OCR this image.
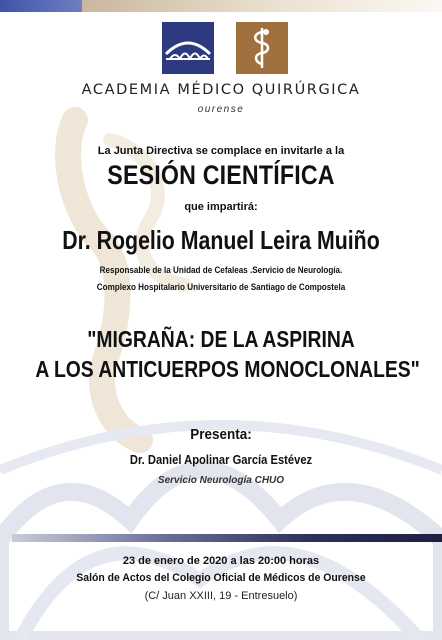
ACADEMIA MÉDICO QUIRÚRGICA
ourense
La Junta Directiva se complace en invitarle a la
SESIÓN CIENTÍFICA
que impartirá:
Dr. Rogelio Manuel Leira Muiño
Responsable de la Unidad de Cefaleas .Servicio de Neurología.
Complexo Hospitalario Universitario de Santiago de Compostela
"MIGRAÑA: DE LA ASPIRINA
A LOS ANTICUERPOS MONOCLONALES"
Presenta:
Dr. Daniel Apolinar García Estévez
Servicio Neurología CHUO
23 de enero de 2020 a las 20:00 horas
Salón de Actos del Colegio Oficial de Médicos de Ourense
(C/ Juan XXIII, 19 - Entresuelo)
